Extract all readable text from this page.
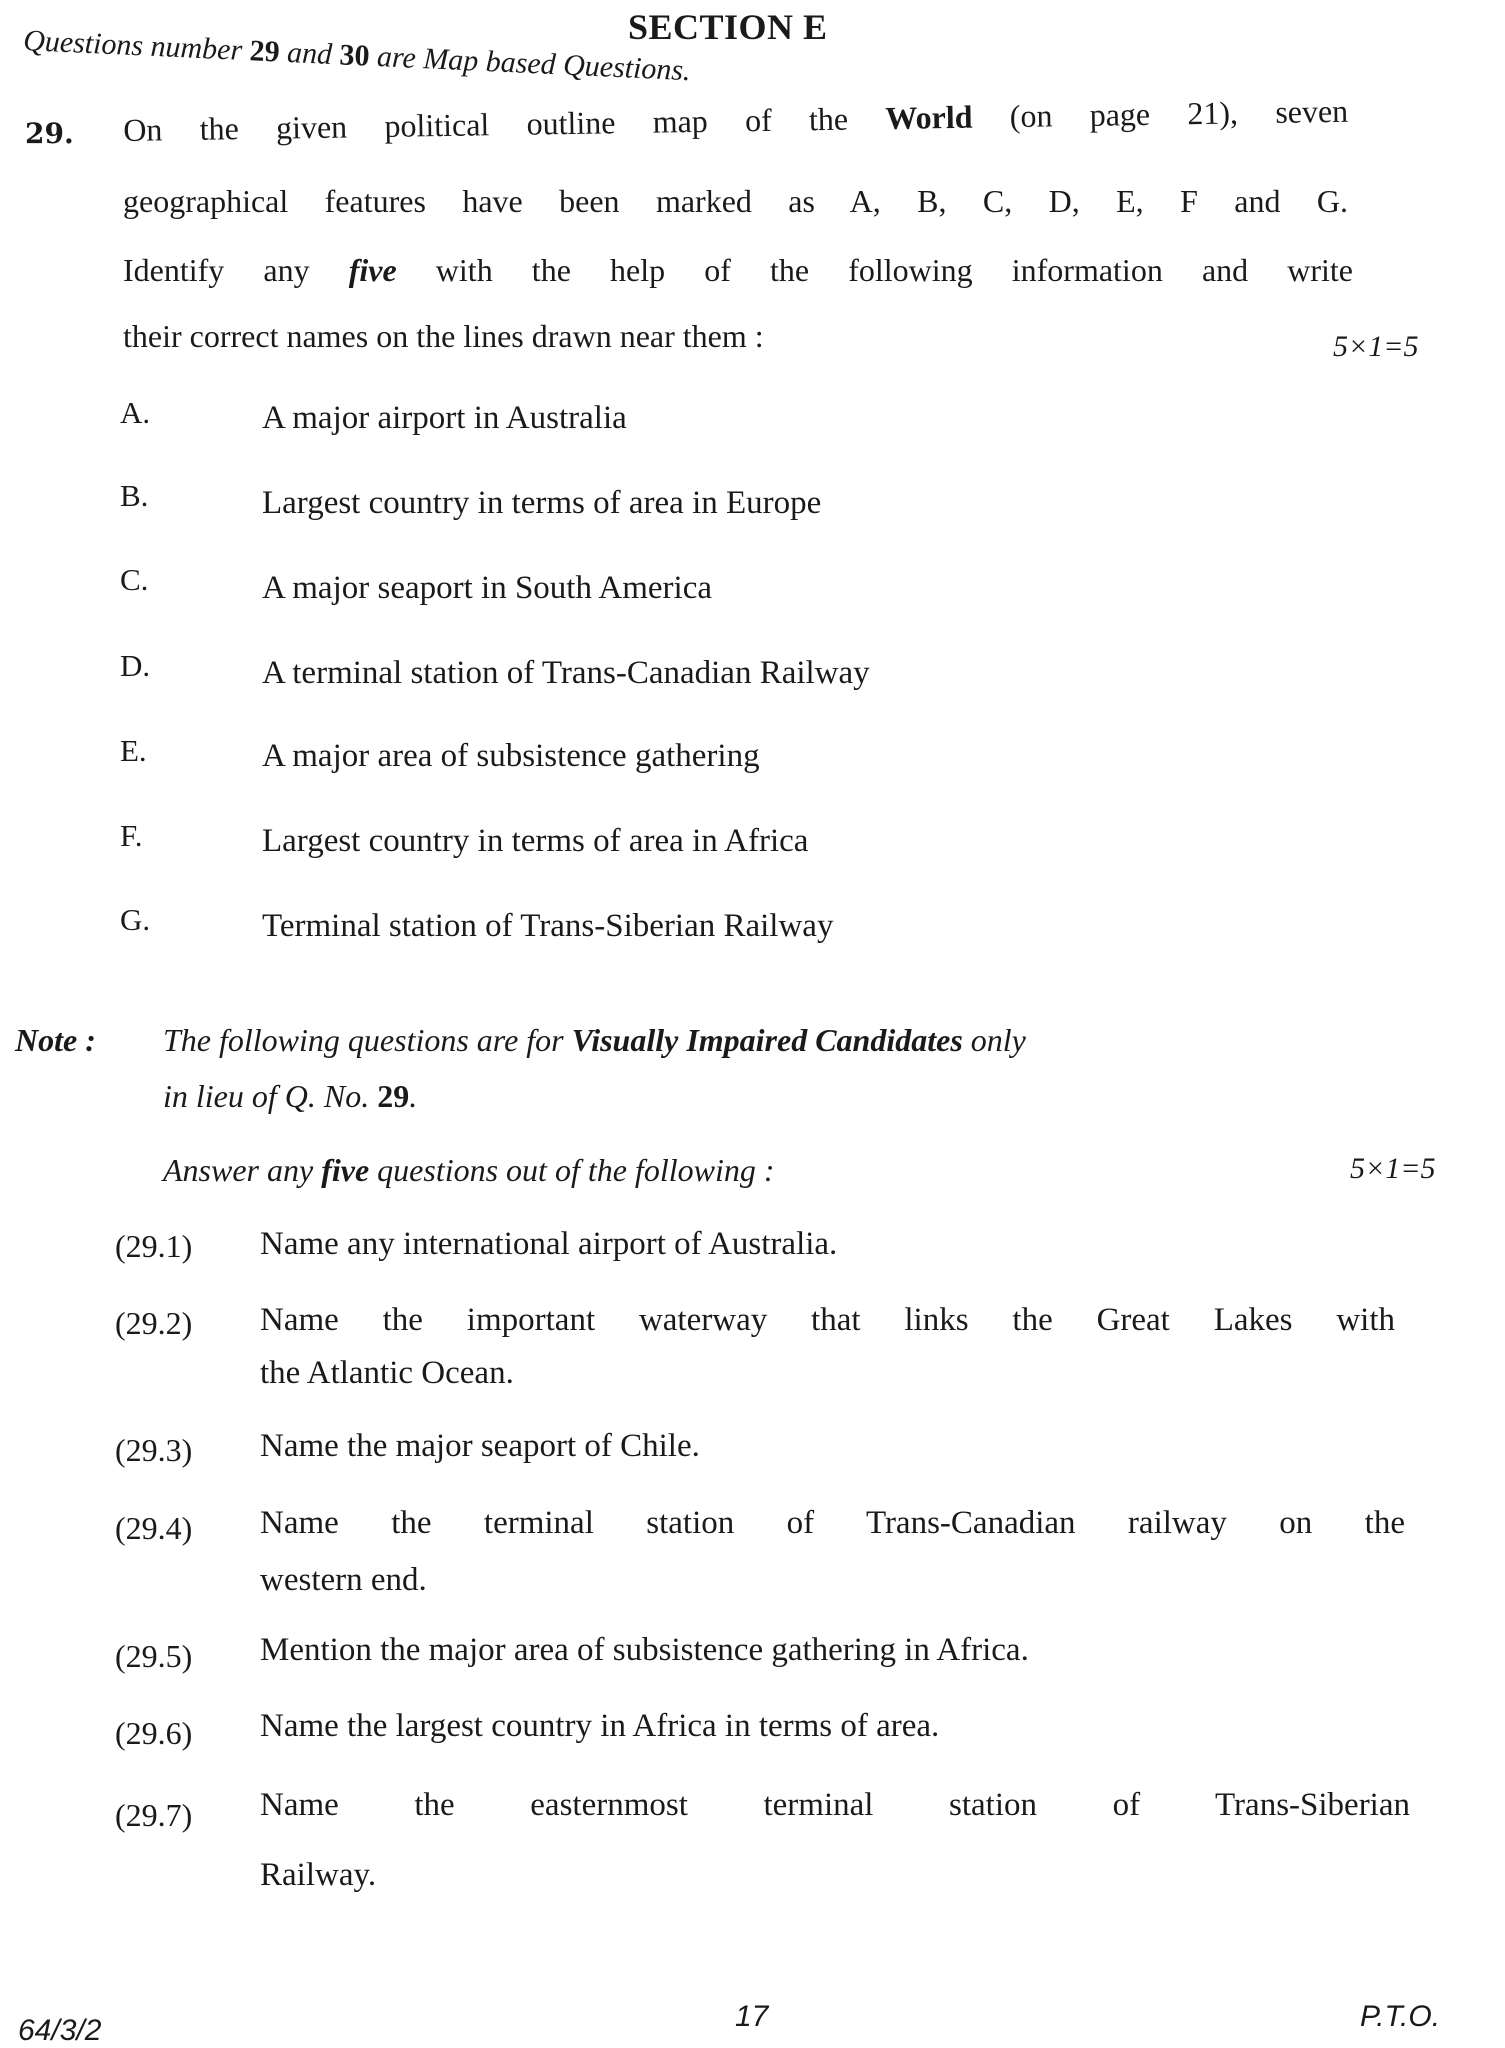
SECTION E
Questions number 29 and 30 are Map based Questions.
29. On the given political outline map of the World (on page 21), seven
geographical features have been marked as A, B, C, D, E, F and G.
Identify any five with the help of the following information and write
their correct names on the lines drawn near them :	5×1=5
A.	A major airport in Australia
B.	Largest country in terms of area in Europe
C.	A major seaport in South America
D.	A terminal station of Trans-Canadian Railway
E.	A major area of subsistence gathering
F.	Largest country in terms of area in Africa
G.	Terminal station of Trans-Siberian Railway
Note : The following questions are for Visually Impaired Candidates only
in lieu of Q. No. 29.
Answer any five questions out of the following :	5×1=5
(29.1) Name any international airport of Australia.
(29.2) Name the important waterway that links the Great Lakes with
the Atlantic Ocean.
(29.3) Name the major seaport of Chile.
(29.4) Name the terminal station of Trans-Canadian railway on the
western end.
(29.5) Mention the major area of subsistence gathering in Africa.
(29.6) Name the largest country in Africa in terms of area.
(29.7) Name the easternmost terminal station of Trans-Siberian
Railway.
64/3/2	17	P.T.O.
